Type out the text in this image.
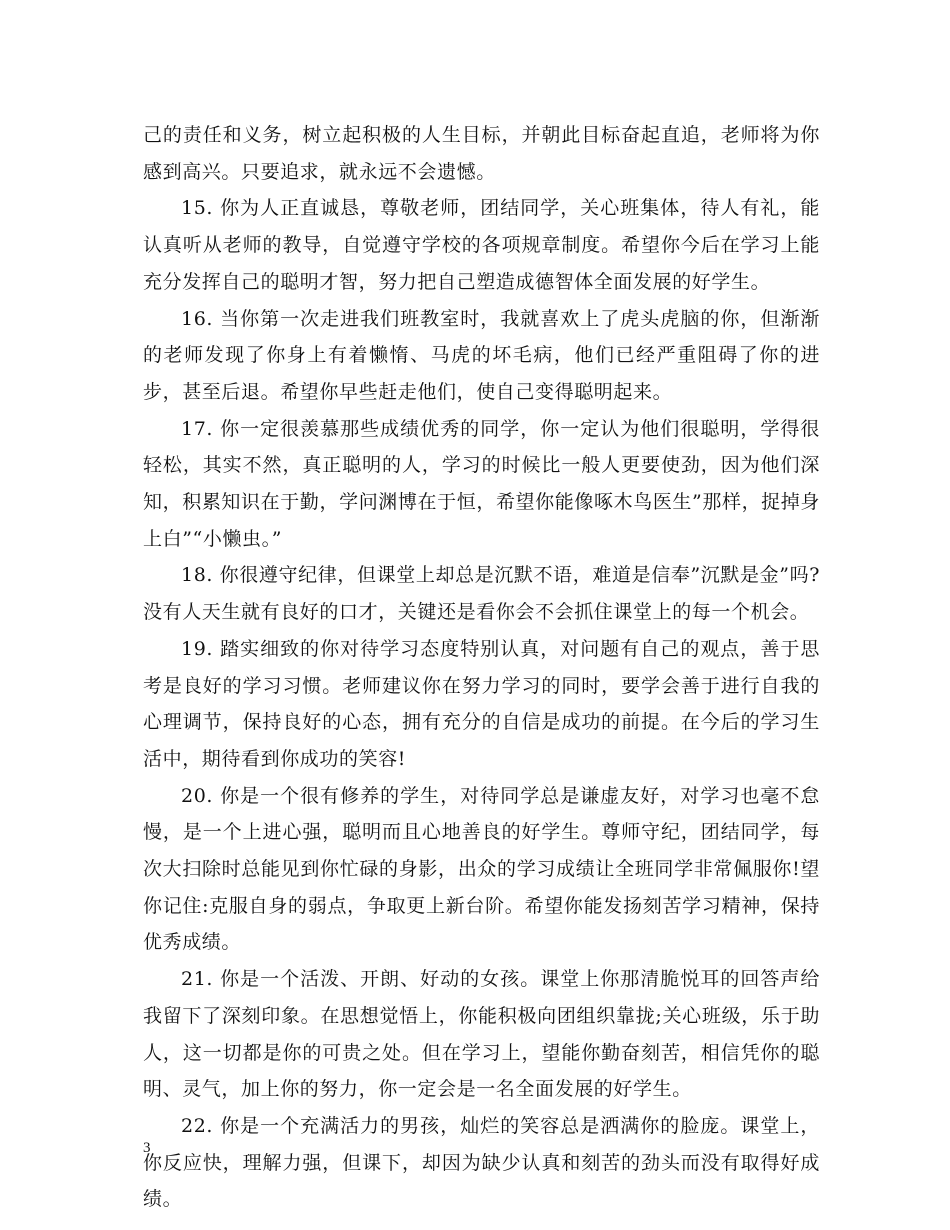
己的责任和义务，树立起积极的人生目标，并朝此目标奋起直追，老师将为你感到高兴。只要追求，就永远不会遗憾。

15. 你为人正直诚恳，尊敬老师，团结同学，关心班集体，待人有礼，能认真听从老师的教导，自觉遵守学校的各项规章制度。希望你今后在学习上能充分发挥自己的聪明才智，努力把自己塑造成德智体全面发展的好学生。

16. 当你第一次走进我们班教室时，我就喜欢上了虎头虎脑的你，但渐渐的老师发现了你身上有着懒惰、马虎的坏毛病，他们已经严重阻碍了你的进步，甚至后退。希望你早些赶走他们，使自己变得聪明起来。

17. 你一定很羡慕那些成绩优秀的同学，你一定认为他们很聪明，学得很轻松，其实不然，真正聪明的人，学习的时候比一般人更要使劲，因为他们深知，积累知识在于勤，学问渊博在于恒，希望你能像啄木鸟医生”那样，捉掉身上白”“小懒虫。”

18. 你很遵守纪律，但课堂上却总是沉默不语，难道是信奉”沉默是金”吗?没有人天生就有良好的口才，关键还是看你会不会抓住课堂上的每一个机会。

19. 踏实细致的你对待学习态度特别认真，对问题有自己的观点，善于思考是良好的学习习惯。老师建议你在努力学习的同时，要学会善于进行自我的心理调节，保持良好的心态，拥有充分的自信是成功的前提。在今后的学习生活中，期待看到你成功的笑容!

20. 你是一个很有修养的学生，对待同学总是谦虚友好，对学习也毫不怠慢，是一个上进心强，聪明而且心地善良的好学生。尊师守纪，团结同学，每次大扫除时总能见到你忙碌的身影，出众的学习成绩让全班同学非常佩服你!望你记住:克服自身的弱点，争取更上新台阶。希望你能发扬刻苦学习精神，保持优秀成绩。

21. 你是一个活泼、开朗、好动的女孩。课堂上你那清脆悦耳的回答声给我留下了深刻印象。在思想觉悟上，你能积极向团组织靠拢;关心班级，乐于助人，这一切都是你的可贵之处。但在学习上，望能你勤奋刻苦，相信凭你的聪明、灵气，加上你的努力，你一定会是一名全面发展的好学生。

22. 你是一个充满活力的男孩，灿烂的笑容总是洒满你的脸庞。课堂上，你反应快，理解力强，但课下，却因为缺少认真和刻苦的劲头而没有取得好成绩。

3
